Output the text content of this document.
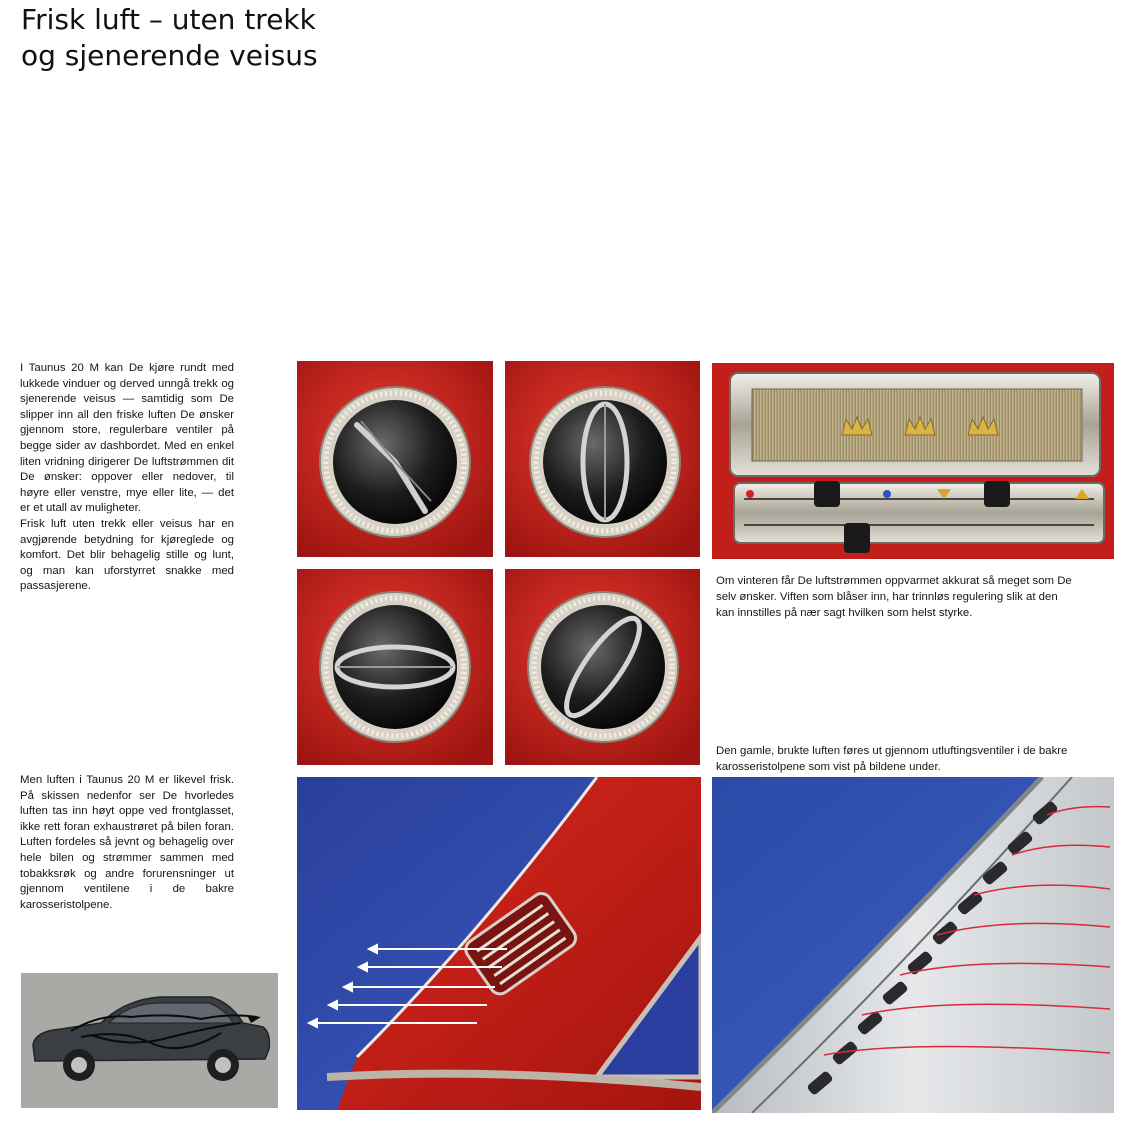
Frisk luft – uten trekk
og sjenerende veisus

I Taunus 20 M kan De kjøre rundt med lukkede vinduer og derved unngå trekk og sjenerende veisus — samtidig som De slipper inn all den friske luften De ønsker gjennom store, regulerbare ventiler på begge sider av dashbordet. Med en enkel liten vridning dirigerer De luftstrømmen dit De ønsker: oppover eller nedover, til høyre eller venstre, mye eller lite, — det er et utall av muligheter.

Frisk luft uten trekk eller veisus har en avgjørende betydning for kjøreglede og komfort. Det blir behagelig stille og lunt, og man kan uforstyrret snakke med passasjerene.

Men luften i Taunus 20 M er likevel frisk. På skissen nedenfor ser De hvorledes luften tas inn høyt oppe ved frontglasset, ikke rett foran exhaustrøret på bilen foran. Luften fordeles så jevnt og behagelig over hele bilen og strømmer sammen med tobakksrøk og andre forurensninger ut gjennom ventilene i de bakre karosseristolpene.

Om vinteren får De luftstrømmen oppvarmet akkurat så meget som De selv ønsker. Viften som blåser inn, har trinnløs regulering slik at den kan innstilles på nær sagt hvilken som helst styrke.
Den gamle, brukte luften føres ut gjennom utluftingsventiler i de bakre karosseristolpene som vist på bildene under.
